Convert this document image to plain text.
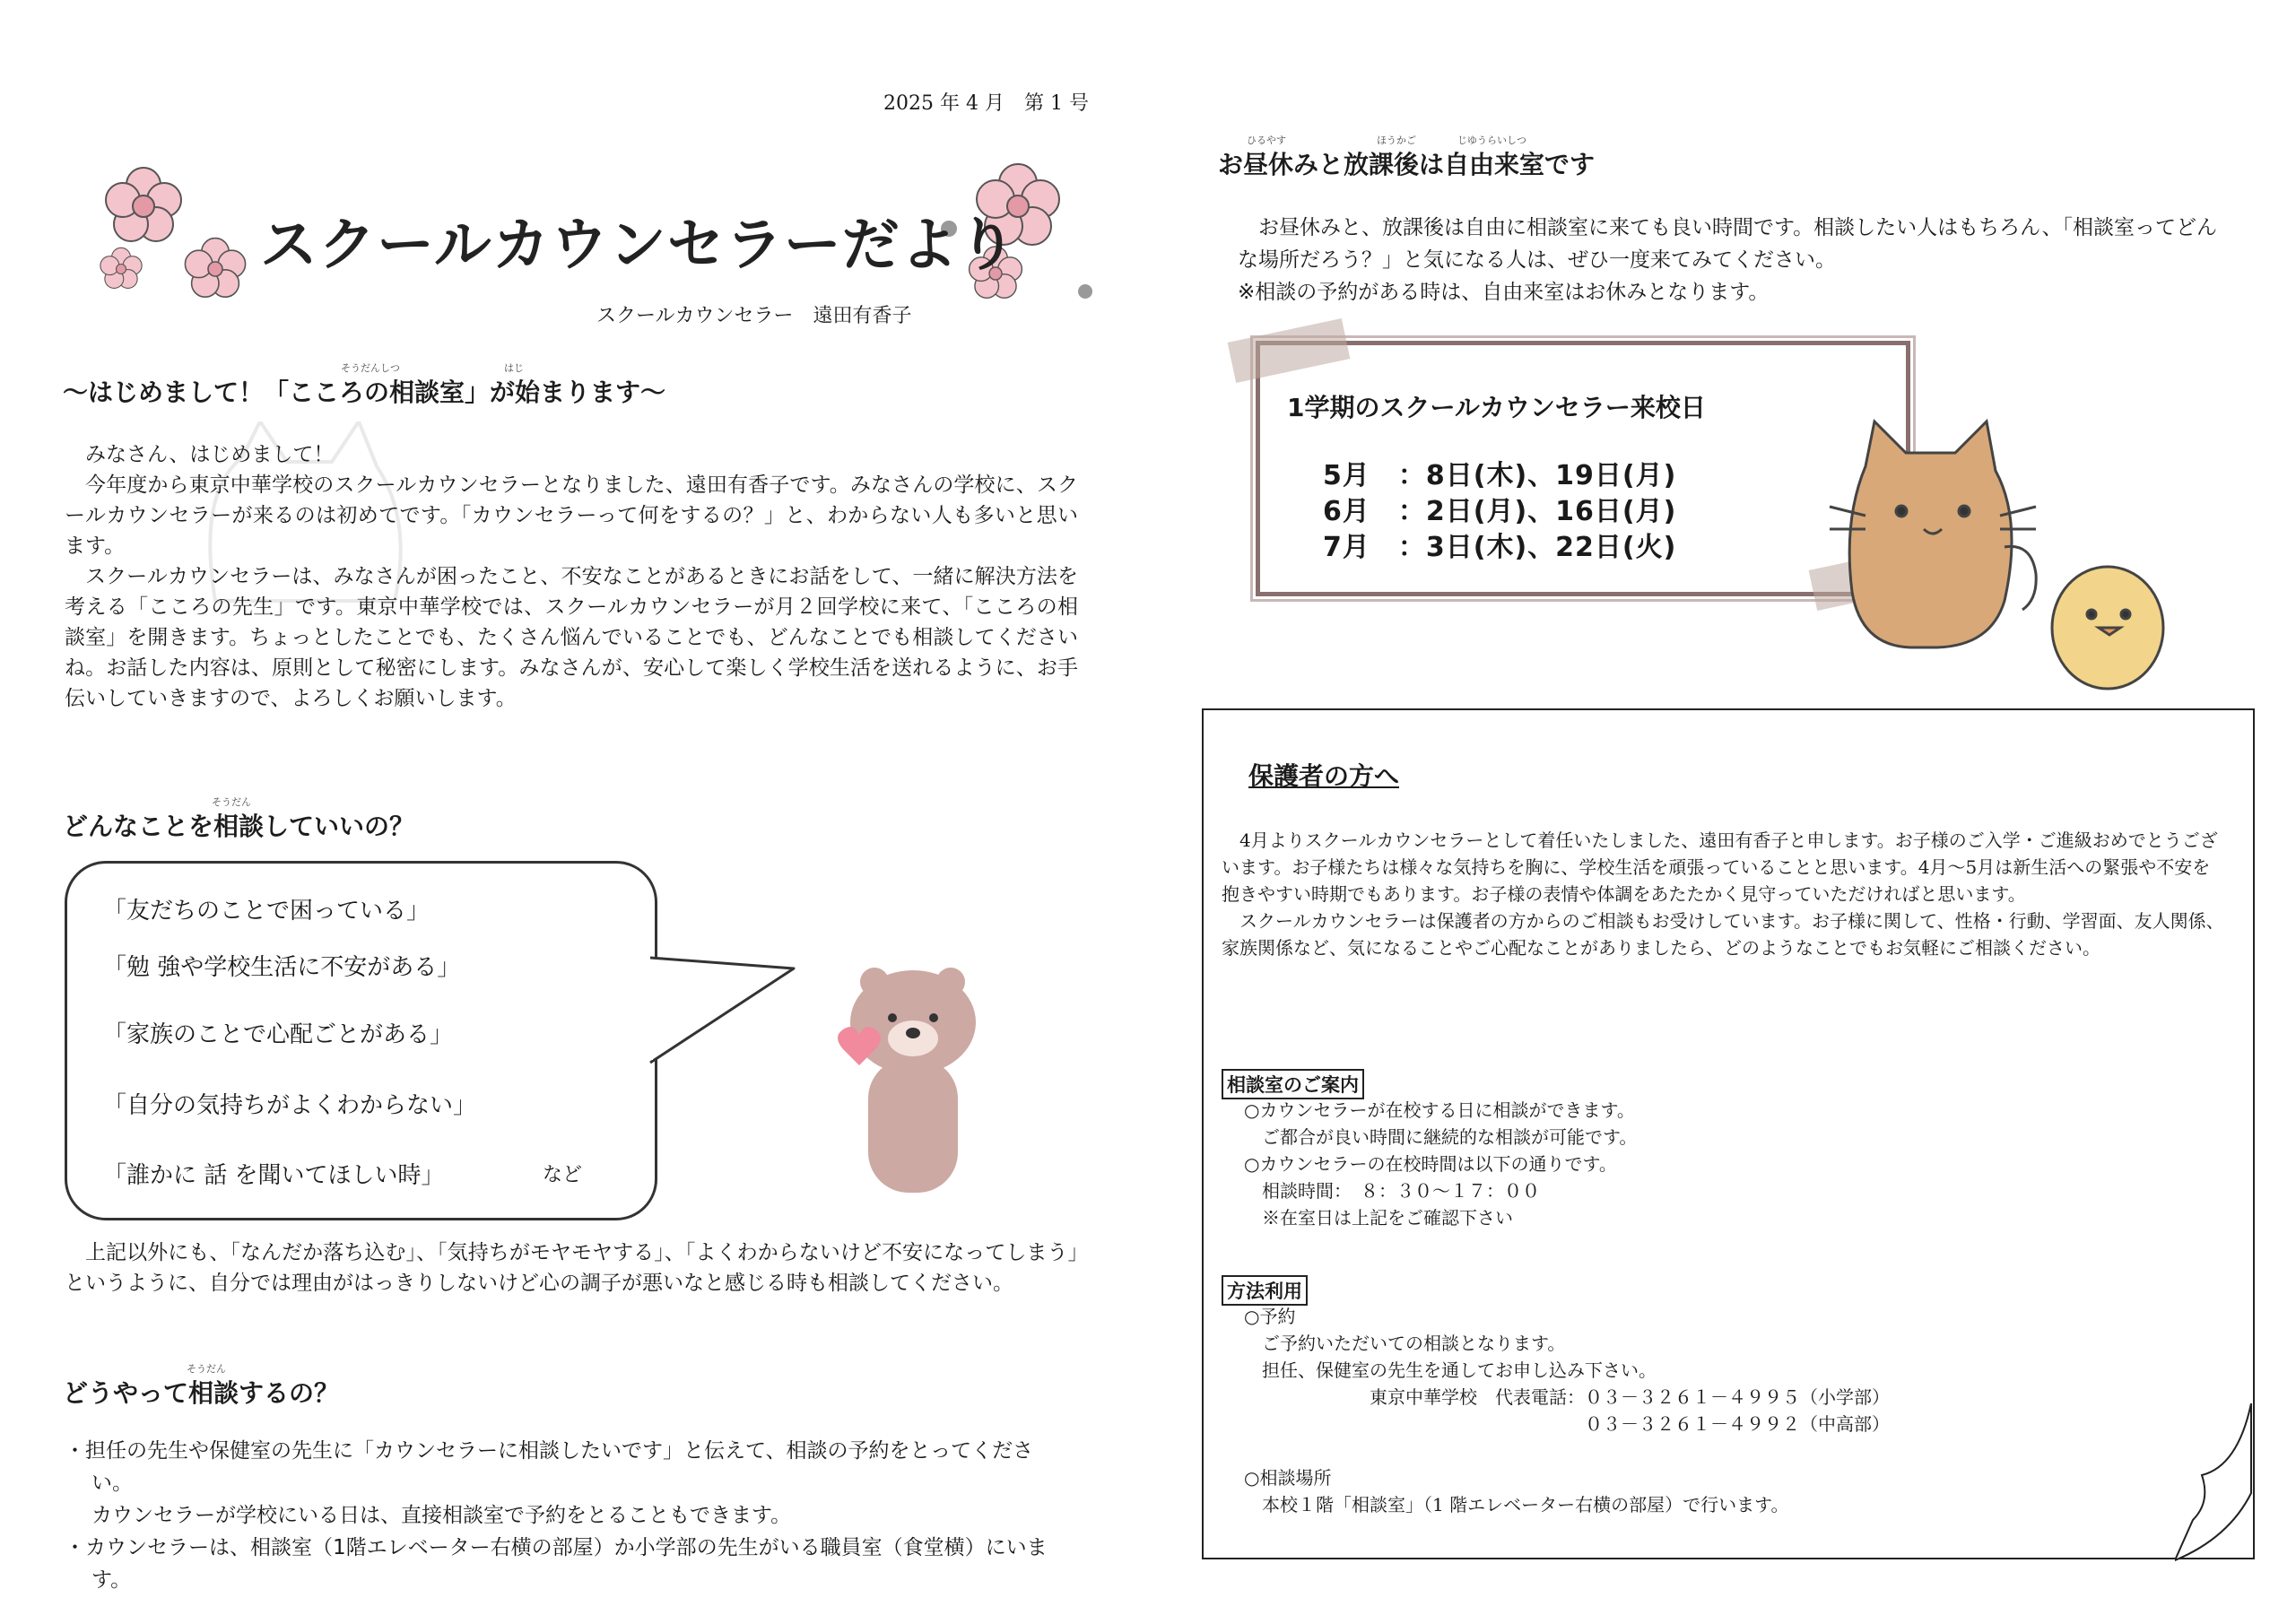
2025 年 4 月　第 1 号
スクールカウンセラーだより
スクールカウンセラー　遠田有香子
そうだんしつ	はじ
～はじめまして！「こころの相談室」が始まります～

みなさん、はじめまして！

今年度から東京中華学校のスクールカウンセラーとなりました、遠田有香子です。みなさんの学校に、スクールカウンセラーが来るのは初めてです。「カウンセラーって何をするの？」と、わからない人も多いと思います。

スクールカウンセラーは、みなさんが困ったこと、不安なことがあるときにお話をして、一緒に解決方法を考える「こころの先生」です。東京中華学校では、スクールカウンセラーが月２回学校に来て、「こころの相談室」を開きます。ちょっとしたことでも、たくさん悩んでいることでも、どんなことでも相談してくださいね。お話した内容は、原則として秘密にします。みなさんが、安心して楽しく学校生活を送れるように、お手伝いしていきますので、よろしくお願いします。

そうだん
どんなことを相談していいの？
「友だちのことで困っている」
「勉 強や学校生活に不安がある」
「家族のことで心配ごとがある」
「自分の気持ちがよくわからない」
「誰かに 話 を聞いてほしい時」	など

上記以外にも、「なんだか落ち込む」、「気持ちがモヤモヤする」、「よくわからないけど不安になってしまう」というように、自分では理由がはっきりしないけど心の調子が悪いなと感じる時も相談してください。

そうだん
どうやって相談するの？

・担任の先生や保健室の先生に「カウンセラーに相談したいです」と伝えて、相談の予約をとってください。

カウンセラーが学校にいる日は、直接相談室で予約をとることもできます。

・カウンセラーは、相談室（1階エレベーター右横の部屋）か小学部の先生がいる職員室（食堂横）にいます。

ひるやす	ほうかご	じゆうらいしつ
お昼休みと放課後は自由来室です

お昼休みと、放課後は自由に相談室に来ても良い時間です。相談したい人はもちろん、「相談室ってどんな場所だろう？」と気になる人は、ぜひ一度来てみてください。

※相談の予約がある時は、自由来室はお休みとなります。

1学期のスクールカウンセラー来校日
5月　：8日(木)、19日(月)
6月　：2日(月)、16日(月)
7月　：3日(木)、22日(火)
保護者の方へ

4月よりスクールカウンセラーとして着任いたしました、遠田有香子と申します。お子様のご入学・ご進級おめでとうございます。お子様たちは様々な気持ちを胸に、学校生活を頑張っていることと思います。4月～5月は新生活への緊張や不安を抱きやすい時期でもあります。お子様の表情や体調をあたたかく見守っていただければと思います。

スクールカウンセラーは保護者の方からのご相談もお受けしています。お子様に関して、性格・行動、学習面、友人関係、家族関係など、気になることやご心配なことがありましたら、どのようなことでもお気軽にご相談ください。

相談室のご案内
○カウンセラーが在校する日に相談ができます。
　ご都合が良い時間に継続的な相談が可能です。
○カウンセラーの在校時間は以下の通りです。
　相談時間：　８：３０～１７：００
　※在室日は上記をご確認下さい
方法利用
○予約
　ご予約いただいての相談となります。
　担任、保健室の先生を通してお申し込み下さい。
　　　　　　　東京中華学校　代表電話：０３－３２６１－４９９５（小学部）
　　　　　　　　　　　　　　　　　　　０３－３２６１－４９９２（中高部）
○相談場所
　本校１階「相談室」（1 階エレベーター右横の部屋）で行います。
